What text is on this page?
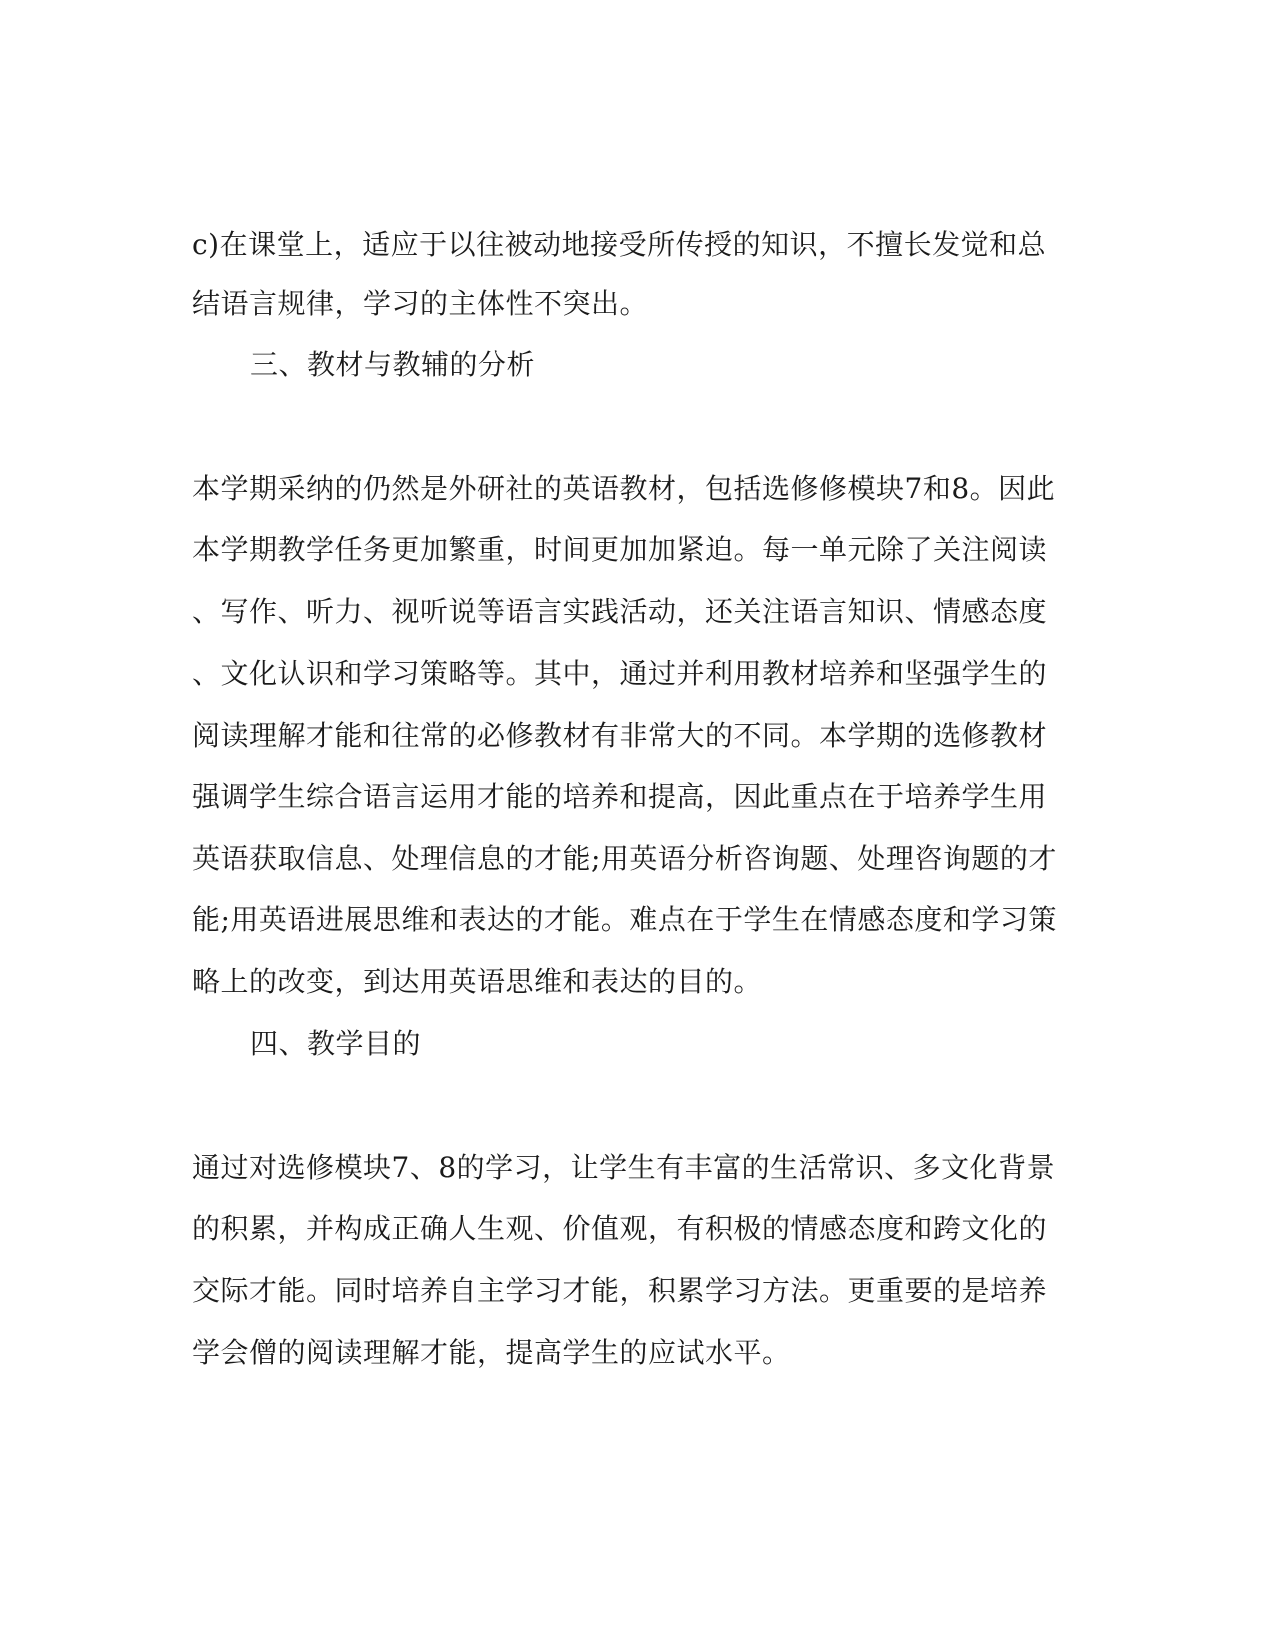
c)在课堂上，适应于以往被动地接受所传授的知识，不擅长发觉和总
结语言规律，学习的主体性不突出。
三、教材与教辅的分析
本学期采纳的仍然是外研社的英语教材，包括选修修模块7和8。因此
本学期教学任务更加繁重，时间更加加紧迫。每一单元除了关注阅读
、写作、听力、视听说等语言实践活动，还关注语言知识、情感态度
、文化认识和学习策略等。其中，通过并利用教材培养和坚强学生的
阅读理解才能和往常的必修教材有非常大的不同。本学期的选修教材
强调学生综合语言运用才能的培养和提高，因此重点在于培养学生用
英语获取信息、处理信息的才能;用英语分析咨询题、处理咨询题的才
能;用英语进展思维和表达的才能。难点在于学生在情感态度和学习策
略上的改变，到达用英语思维和表达的目的。
四、教学目的
通过对选修模块7、8的学习，让学生有丰富的生活常识、多文化背景
的积累，并构成正确人生观、价值观，有积极的情感态度和跨文化的
交际才能。同时培养自主学习才能，积累学习方法。更重要的是培养
学会僧的阅读理解才能，提高学生的应试水平。
